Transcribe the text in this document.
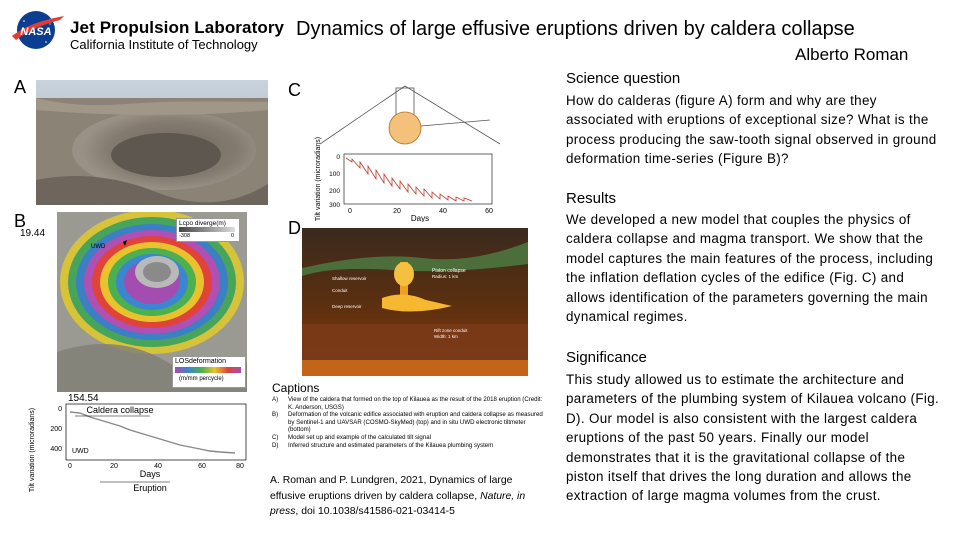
NASA Jet Propulsion Laboratory
California Institute of Technology
Dynamics of large effusive eruptions driven by caldera collapse
Alberto Roman
A
B
19.44
UWD
Lcpo diverge(m)
-308	0
LOSdeformation
(m/mm percycle)
154.54
Tilt variation (microradians)	0
200
400
Caldera collapse
UWD
0	20	40	60	80
Days
Eruption
C
Tilt variation (microradians) 0
100
200
300
0	20	40	60
Days
D
Piston collapse
Radius: 1 km
Shallow reservoir
Conduit
Deep reservoir
Rift zone conduit
Width: 1 km
Captions
A) View of the caldera that formed on the top of Kilauea as the result of the 2018 eruption (Credit: K. Anderson, USGS)
B) Deformation of the volcanic edifice associated with eruption and caldera collapse as measured by Sentinel-1 and UAVSAR (COSMO-SkyMed) (top) and in situ UWD electronic tiltmeter (bottom)
C) Model set up and example of the calculated tilt signal
D) Inferred structure and estimated parameters of the Kilauea plumbing system
A. Roman and P. Lundgren, 2021, Dynamics of large effusive eruptions driven by caldera collapse, Nature, in press, doi 10.1038/s41586-021-03414-5
Science question
How do calderas (figure A) form and why are they associated with eruptions of exceptional size? What is the process producing the saw-tooth signal observed in ground deformation time-series (Figure B)?
Results
We developed a new model that couples the physics of caldera collapse and magma transport. We show that the model captures the main features of the process, including the inflation deflation cycles of the edifice (Fig. C) and allows identification of the parameters governing the main dynamical regimes.
Significance
This study allowed us to estimate the architecture and parameters of the plumbing system of Kilauea volcano (Fig. D). Our model is also consistent with the largest caldera eruptions of the past 50 years. Finally our model demonstrates that it is the gravitational collapse of the piston itself that drives the long duration and allows the extraction of large magma volumes from the crust.
